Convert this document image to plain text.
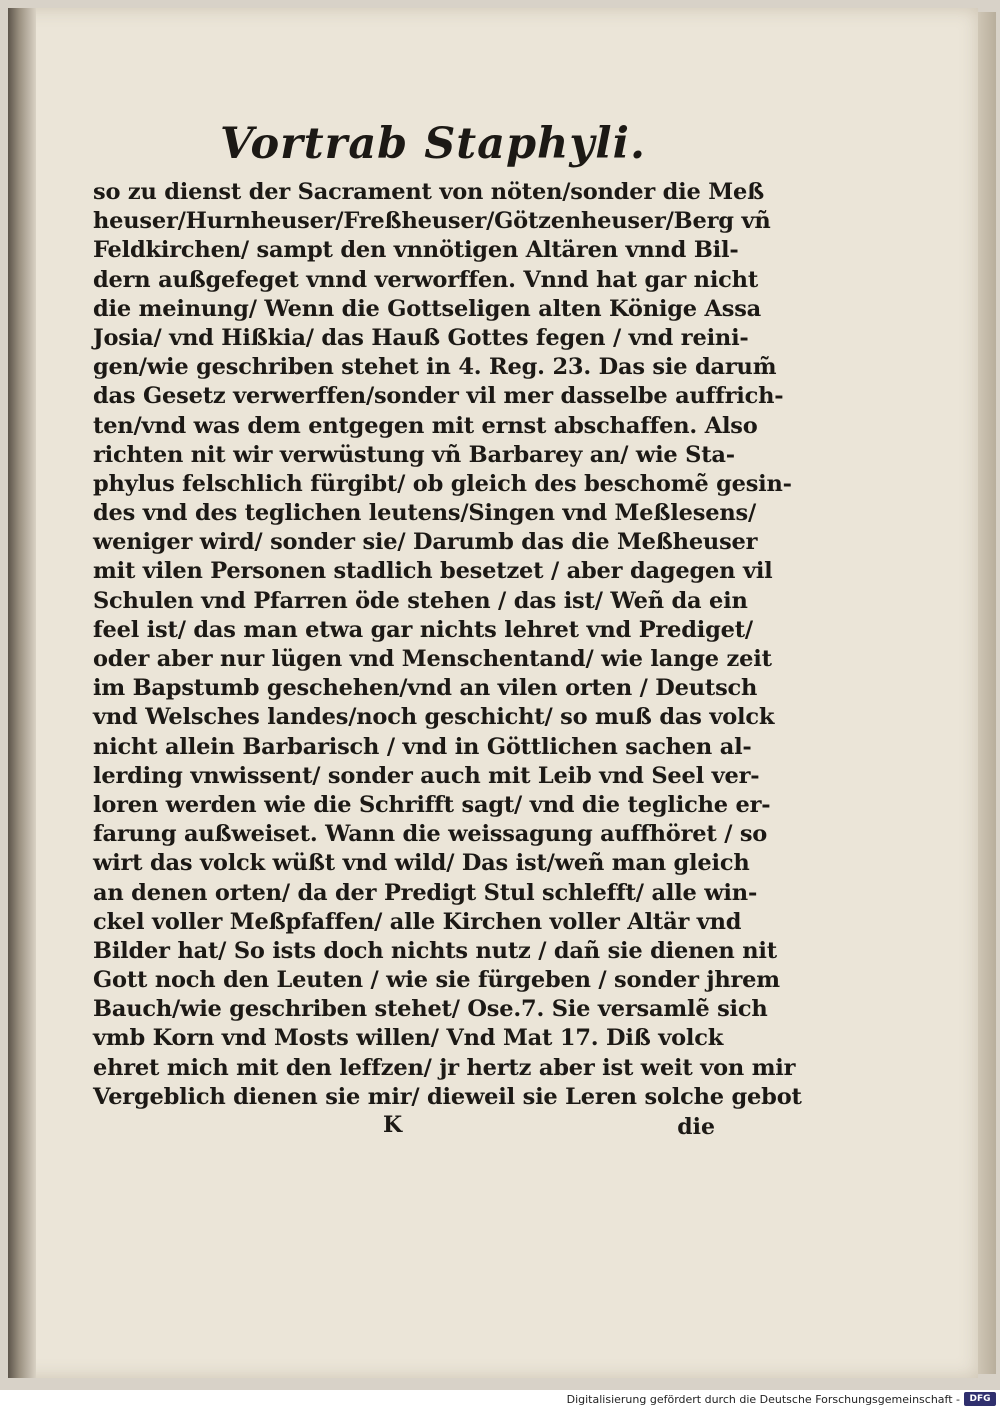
Vortrab Staphyli.
so zu dienst der Sacrament von nöten/sonder die Meß
heuser/Hurnheuser/Freßheuser/Götzenheuser/Berg vñ
Feldkirchen/ sampt den vnnötigen Altären vnnd Bil-
dern außgefeget vnnd verworffen. Vnnd hat gar nicht
die meinung/ Wenn die Gottseligen alten Könige Assa
Josia/ vnd Hißkia/ das Hauß Gottes fegen / vnd reini-
gen/wie geschriben stehet in 4. Reg. 23. Das sie darum̃
das Gesetz verwerffen/sonder vil mer dasselbe auffrich-
ten/vnd was dem entgegen mit ernst abschaffen. Also
richten nit wir verwüstung vñ Barbarey an/ wie Sta-
phylus felschlich fürgibt/ ob gleich des beschomẽ gesin-
des vnd des teglichen leutens/Singen vnd Meßlesens/
weniger wird/ sonder sie/ Darumb das die Meßheuser
mit vilen Personen stadlich besetzet / aber dagegen vil
Schulen vnd Pfarren öde stehen / das ist/ Weñ da ein
feel ist/ das man etwa gar nichts lehret vnd Prediget/
oder aber nur lügen vnd Menschentand/ wie lange zeit
im Bapstumb geschehen/vnd an vilen orten / Deutsch
vnd Welsches landes/noch geschicht/ so muß das volck
nicht allein Barbarisch / vnd in Göttlichen sachen al-
lerding vnwissent/ sonder auch mit Leib vnd Seel ver-
loren werden wie die Schrifft sagt/ vnd die tegliche er-
farung außweiset. Wann die weissagung auffhöret / so
wirt das volck wüßt vnd wild/ Das ist/weñ man gleich
an denen orten/ da der Predigt Stul schlefft/ alle win-
ckel voller Meßpfaffen/ alle Kirchen voller Altär vnd
Bilder hat/ So ists doch nichts nutz / dañ sie dienen nit
Gott noch den Leuten / wie sie fürgeben / sonder jhrem
Bauch/wie geschriben stehet/ Ose.7. Sie versamlẽ sich
vmb Korn vnd Mosts willen/ Vnd Mat 17. Diß volck
ehret mich mit den leffzen/ jr hertz aber ist weit von mir
Vergeblich dienen sie mir/ dieweil sie Leren solche gebot
K	die
Digitalisierung gefördert durch die Deutsche Forschungsgemeinschaft -	DFG
